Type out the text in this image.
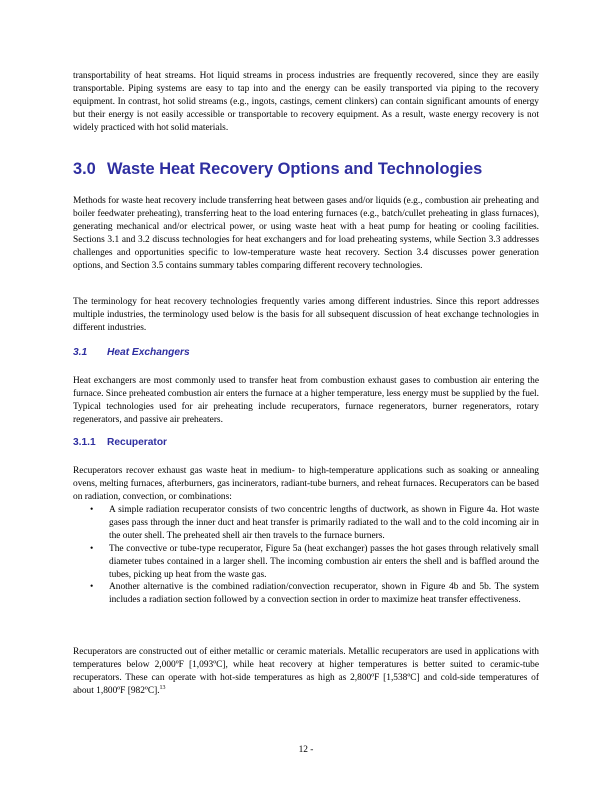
transportability of heat streams. Hot liquid streams in process industries are frequently recovered, since they are easily transportable. Piping systems are easy to tap into and the energy can be easily transported via piping to the recovery equipment. In contrast, hot solid streams (e.g., ingots, castings, cement clinkers) can contain significant amounts of energy but their energy is not easily accessible or transportable to recovery equipment. As a result, waste energy recovery is not widely practiced with hot solid materials.

3.0 Waste Heat Recovery Options and Technologies

Methods for waste heat recovery include transferring heat between gases and/or liquids (e.g., combustion air preheating and boiler feedwater preheating), transferring heat to the load entering furnaces (e.g., batch/cullet preheating in glass furnaces), generating mechanical and/or electrical power, or using waste heat with a heat pump for heating or cooling facilities. Sections 3.1 and 3.2 discuss technologies for heat exchangers and for load preheating systems, while Section 3.3 addresses challenges and opportunities specific to low-temperature waste heat recovery. Section 3.4 discusses power generation options, and Section 3.5 contains summary tables comparing different recovery technologies.

The terminology for heat recovery technologies frequently varies among different industries. Since this report addresses multiple industries, the terminology used below is the basis for all subsequent discussion of heat exchange technologies in different industries.

3.1 Heat Exchangers

Heat exchangers are most commonly used to transfer heat from combustion exhaust gases to combustion air entering the furnace. Since preheated combustion air enters the furnace at a higher temperature, less energy must be supplied by the fuel. Typical technologies used for air preheating include recuperators, furnace regenerators, burner regenerators, rotary regenerators, and passive air preheaters.

3.1.1 Recuperator

Recuperators recover exhaust gas waste heat in medium- to high-temperature applications such as soaking or annealing ovens, melting furnaces, afterburners, gas incinerators, radiant-tube burners, and reheat furnaces. Recuperators can be based on radiation, convection, or combinations:

• A simple radiation recuperator consists of two concentric lengths of ductwork, as shown in Figure 4a. Hot waste gases pass through the inner duct and heat transfer is primarily radiated to the wall and to the cold incoming air in the outer shell. The preheated shell air then travels to the furnace burners.
• The convective or tube-type recuperator, Figure 5a (heat exchanger) passes the hot gases through relatively small diameter tubes contained in a larger shell. The incoming combustion air enters the shell and is baffled around the tubes, picking up heat from the waste gas.
• Another alternative is the combined radiation/convection recuperator, shown in Figure 4b and 5b. The system includes a radiation section followed by a convection section in order to maximize heat transfer effectiveness.

Recuperators are constructed out of either metallic or ceramic materials. Metallic recuperators are used in applications with temperatures below 2,000ºF [1,093ºC], while heat recovery at higher temperatures is better suited to ceramic-tube recuperators. These can operate with hot-side temperatures as high as 2,800ºF [1,538ºC] and cold-side temperatures of about 1,800ºF [982ºC].$^{13}$

12 -
